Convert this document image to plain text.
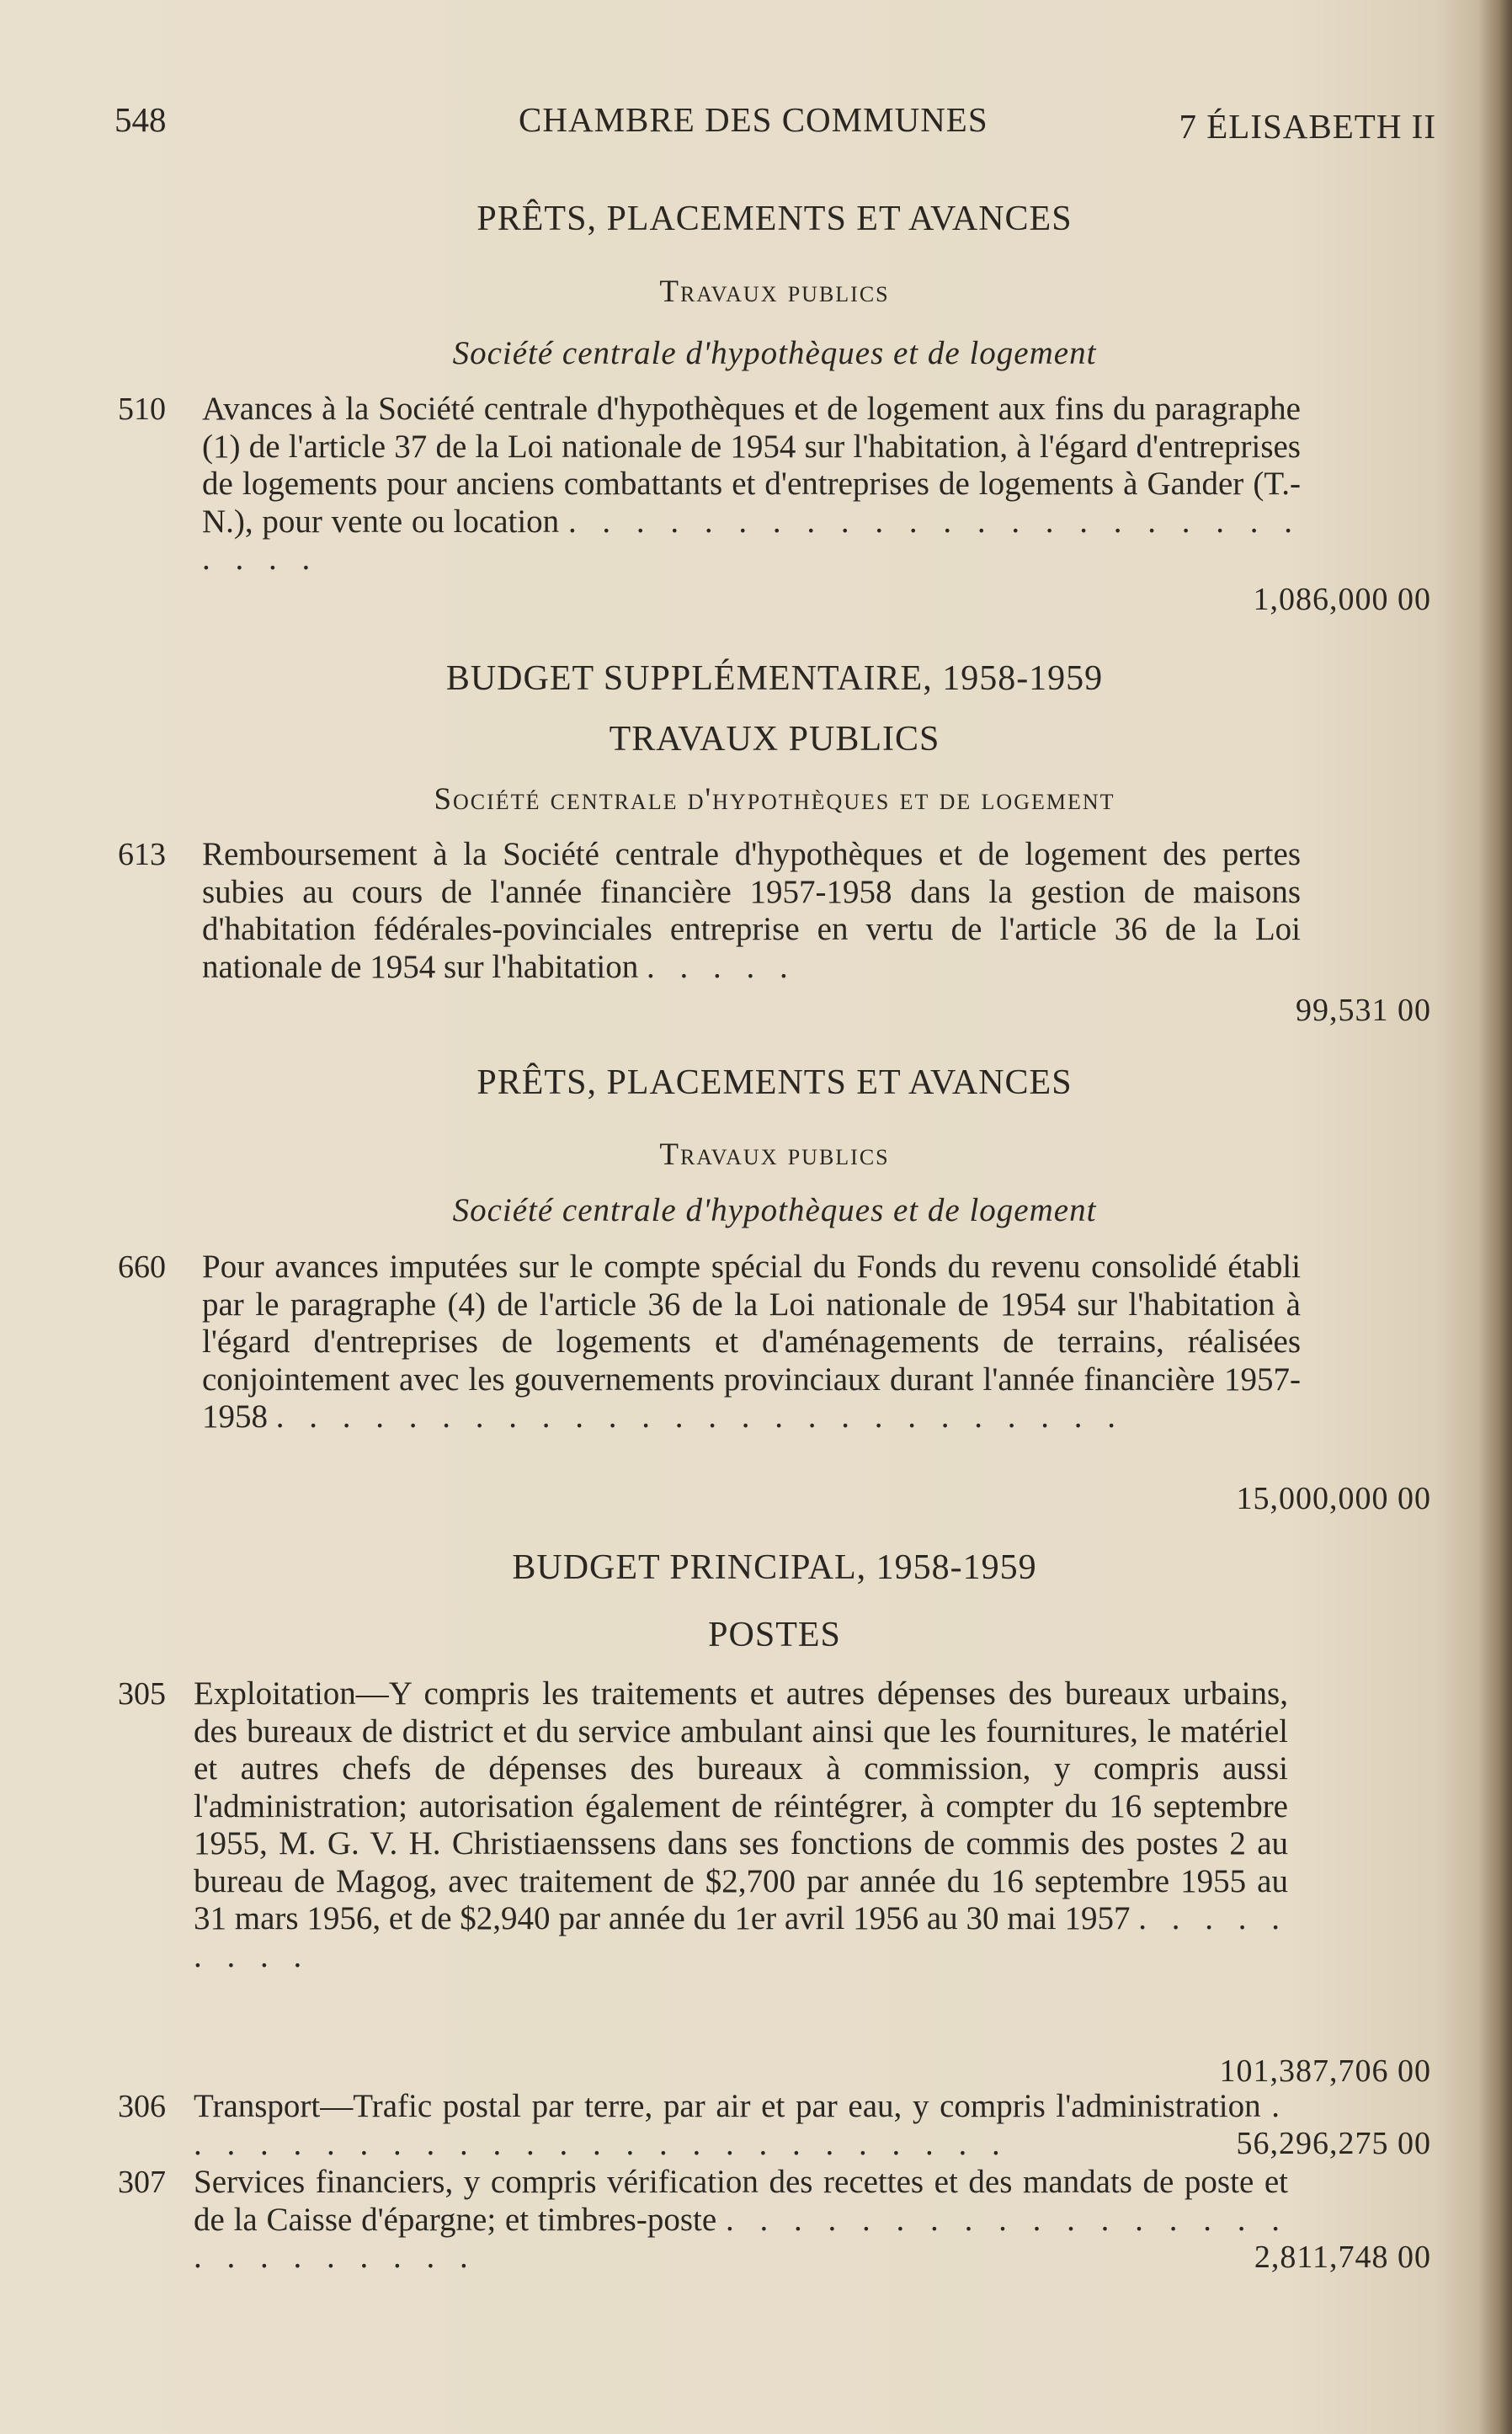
548	CHAMBRE DES COMMUNES	7 ÉLISABETH II
PRÊTS, PLACEMENTS ET AVANCES
Travaux publics
Société centrale d'hypothèques et de logement
510 Avances à la Société centrale d'hypothèques et de logement aux fins du paragraphe (1) de l'article 37 de la Loi nationale de 1954 sur l'habitation, à l'égard d'entreprises de logements pour anciens combattants et d'entreprises de logements à Gander (T.-N.), pour vente ou location . . . . . . . . . . . . . . . . . . . . . . . . . .
1,086,000 00
BUDGET SUPPLÉMENTAIRE, 1958-1959
TRAVAUX PUBLICS
Société centrale d'hypothèques et de logement
613 Remboursement à la Société centrale d'hypothèques et de logement des pertes subies au cours de l'année financière 1957-1958 dans la gestion de maisons d'habitation fédérales-povinciales entreprise en vertu de l'article 36 de la Loi nationale de 1954 sur l'habitation . . . . .
99,531 00
PRÊTS, PLACEMENTS ET AVANCES
Travaux publics
Société centrale d'hypothèques et de logement
660 Pour avances imputées sur le compte spécial du Fonds du revenu consolidé établi par le paragraphe (4) de l'article 36 de la Loi nationale de 1954 sur l'habitation à l'égard d'entreprises de logements et d'aménagements de terrains, réalisées conjointement avec les gouvernements provinciaux durant l'année financière 1957-1958 . . . . . . . . . . . . . . . . . . . . . . . . . .
15,000,000 00
BUDGET PRINCIPAL, 1958-1959
POSTES
305 Exploitation—Y compris les traitements et autres dépenses des bureaux urbains, des bureaux de district et du service ambulant ainsi que les fournitures, le matériel et autres chefs de dépenses des bureaux à commission, y compris aussi l'administration; autorisation également de réintégrer, à compter du 16 septembre 1955, M. G. V. H. Christiaenssens dans ses fonctions de commis des postes 2 au bureau de Magog, avec traitement de $2,700 par année du 16 septembre 1955 au 31 mars 1956, et de $2,940 par année du 1er avril 1956 au 30 mai 1957 . . . . . . . . .
101,387,706 00
306 Transport—Trafic postal par terre, par air et par eau, y compris l'administration . . . . . . . . . . . . . . . . . . . . . . . . . .	56,296,275 00
307 Services financiers, y compris vérification des recettes et des mandats de poste et de la Caisse d'épargne; et timbres-poste . . . . . . . . . . . . . . . . . . . . . . . . . .	2,811,748 00
